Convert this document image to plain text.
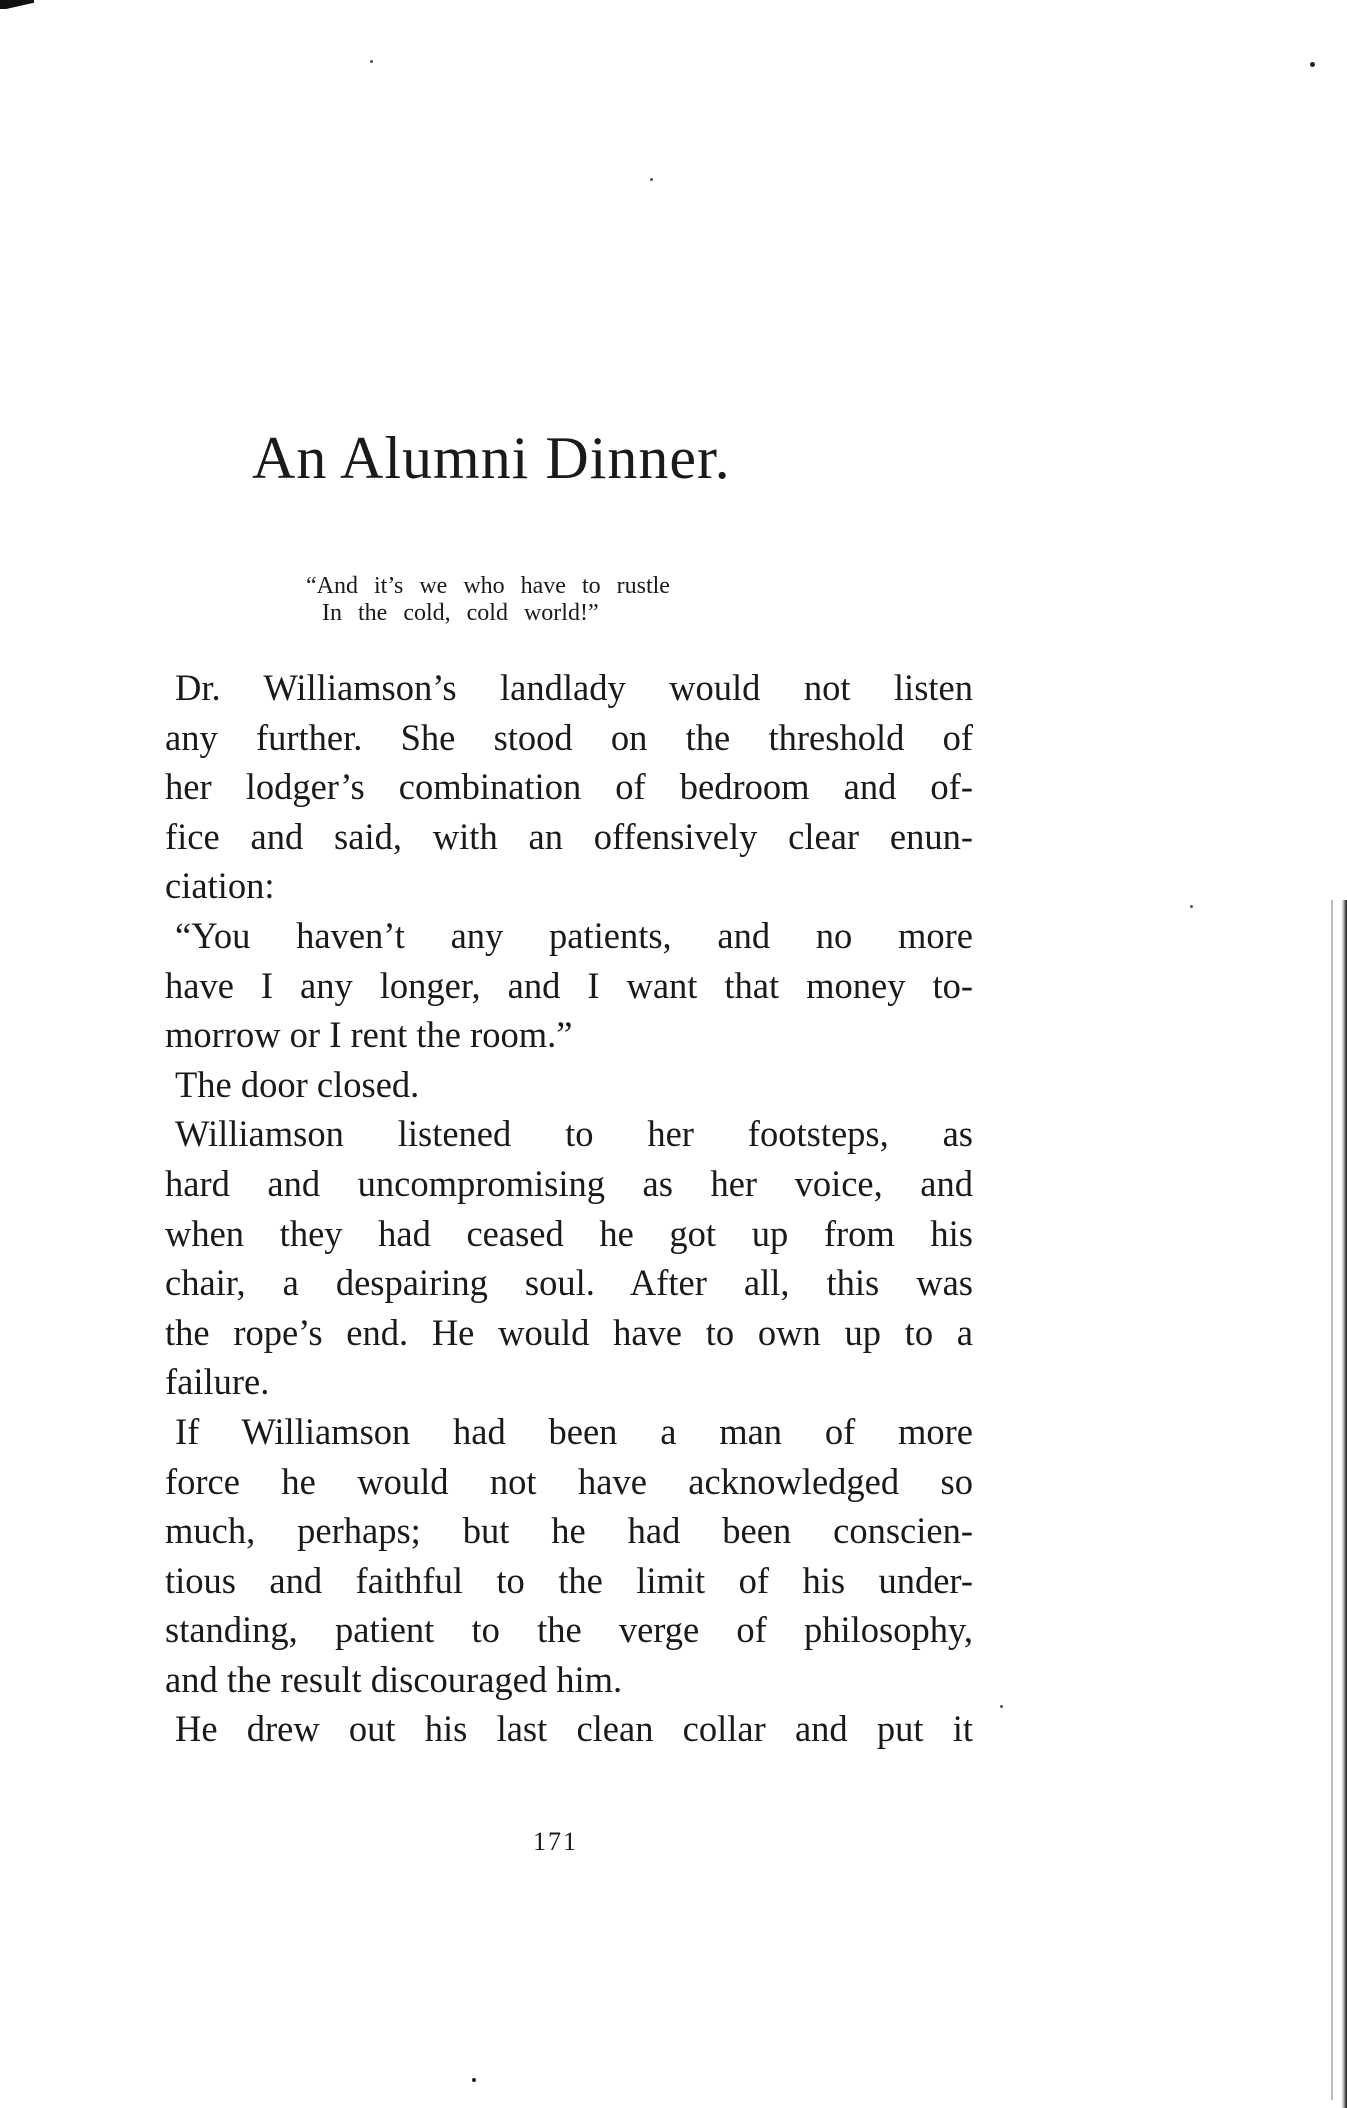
An Alumni Dinner.
“And it’s we who have to rustle
In the cold, cold world!”
Dr. Williamson’s landlady would not listen
any further. She stood on the threshold of
her lodger’s combination of bedroom and of-
fice and said, with an offensively clear enun-
ciation:
“You haven’t any patients, and no more
have I any longer, and I want that money to-
morrow or I rent the room.”
The door closed.
Williamson listened to her footsteps, as
hard and uncompromising as her voice, and
when they had ceased he got up from his
chair, a despairing soul. After all, this was
the rope’s end. He would have to own up to a
failure.
If Williamson had been a man of more
force he would not have acknowledged so
much, perhaps; but he had been conscien-
tious and faithful to the limit of his under-
standing, patient to the verge of philosophy,
and the result discouraged him.
He drew out his last clean collar and put it
171
